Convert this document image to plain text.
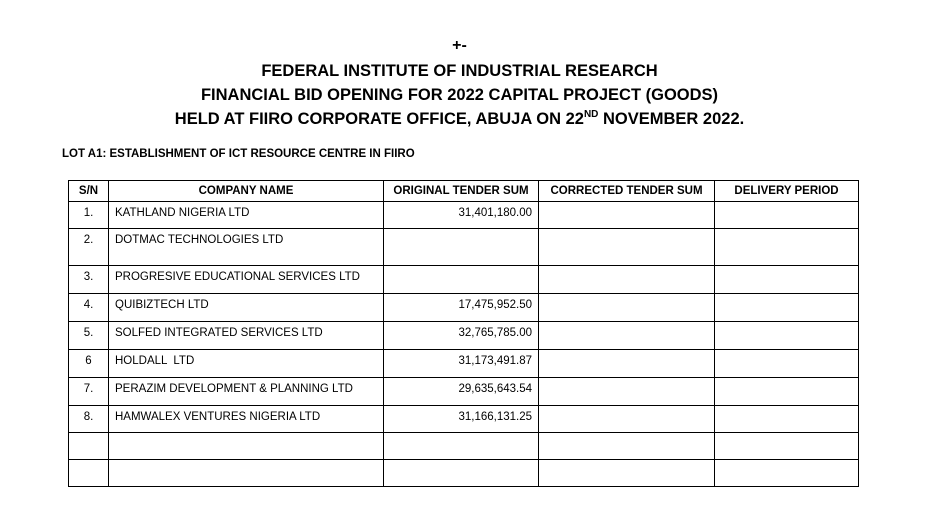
+-
FEDERAL INSTITUTE OF INDUSTRIAL RESEARCH
FINANCIAL BID OPENING FOR 2022 CAPITAL PROJECT (GOODS)
HELD AT FIIRO CORPORATE OFFICE, ABUJA ON 22ND NOVEMBER 2022.
LOT A1: ESTABLISHMENT OF ICT RESOURCE CENTRE IN FIIRO
S/N	COMPANY NAME	ORIGINAL TENDER SUM	CORRECTED TENDER SUM	DELIVERY PERIOD
1.	KATHLAND NIGERIA LTD	31,401,180.00		
2.	DOTMAC TECHNOLOGIES LTD			
3.	PROGRESIVE EDUCATIONAL SERVICES LTD			
4.	QUIBIZTECH LTD	17,475,952.50		
5.	SOLFED INTEGRATED SERVICES LTD	32,765,785.00		
6	HOLDALL  LTD	31,173,491.87		
7.	PERAZIM DEVELOPMENT & PLANNING LTD	29,635,643.54		
8.	HAMWALEX VENTURES NIGERIA LTD	31,166,131.25		
